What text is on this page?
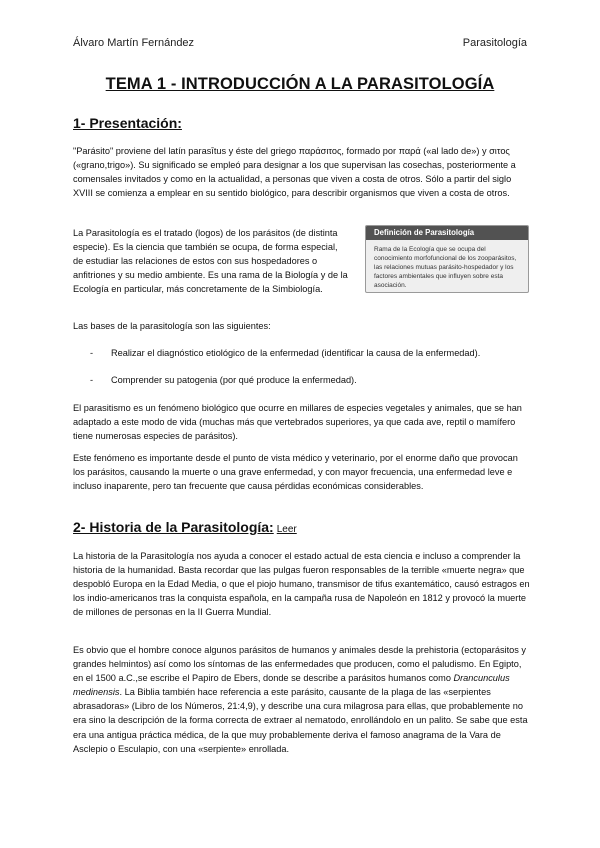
Álvaro Martín Fernández	Parasitología
TEMA 1 - INTRODUCCIÓN A LA PARASITOLOGÍA
1- Presentación:

"Parásito" proviene del latín parasītus y éste del griego παράσιτος, formado por παρά («al lado de») y σιτος («grano,trigo»). Su significado se empleó para designar a los que supervisan las cosechas, posteriormente a comensales invitados y como en la actualidad, a personas que viven a costa de otros. Sólo a partir del siglo XVIII se comienza a emplear en su sentido biológico, para describir organismos que viven a costa de otros.

La Parasitología es el tratado (logos) de los parásitos (de distinta especie). Es la ciencia que también se ocupa, de forma especial, de estudiar las relaciones de estos con sus hospedadores o anfitriones y su medio ambiente. Es una rama de la Biología y de la Ecología en particular, más concretamente de la Simbiología.

Definición de Parasitología
Rama de la Ecología que se ocupa del conocimiento morfofuncional de los zooparásitos, las relaciones mutuas parásito-hospedador y los factores ambientales que influyen sobre esta asociación.

Las bases de la parasitología son las siguientes:

- Realizar el diagnóstico etiológico de la enfermedad (identificar la causa de la enfermedad).
- Comprender su patogenia (por qué produce la enfermedad).

El parasitismo es un fenómeno biológico que ocurre en millares de especies vegetales y animales, que se han adaptado a este modo de vida (muchas más que vertebrados superiores, ya que cada ave, reptil o mamífero tiene numerosas especies de parásitos).

Este fenómeno es importante desde el punto de vista médico y veterinario, por el enorme daño que provocan los parásitos, causando la muerte o una grave enfermedad, y con mayor frecuencia, una enfermedad leve e incluso inaparente, pero tan frecuente que causa pérdidas económicas considerables.

2- Historia de la Parasitología: Leer

La historia de la Parasitología nos ayuda a conocer el estado actual de esta ciencia e incluso a comprender la historia de la humanidad. Basta recordar que las pulgas fueron responsables de la terrible «muerte negra» que despobló Europa en la Edad Media, o que el piojo humano, transmisor de tifus exantemático, causó estragos en los indio-americanos tras la conquista española, en la campaña rusa de Napoleón en 1812 y provocó la muerte de millones de personas en la II Guerra Mundial.

Es obvio que el hombre conoce algunos parásitos de humanos y animales desde la prehistoria (ectoparásitos y grandes helmintos) así como los síntomas de las enfermedades que producen, como el paludismo. En Egipto, en el 1500 a.C.,se escribe el Papiro de Ebers, donde se describe a parásitos humanos como Drancunculus medinensis. La Biblia también hace referencia a este parásito, causante de la plaga de las «serpientes abrasadoras» (Libro de los Números, 21:4,9), y describe una cura milagrosa para ellas, que probablemente no era sino la descripción de la forma correcta de extraer al nematodo, enrollándolo en un palito. Se sabe que esta era una antigua práctica médica, de la que muy probablemente deriva el famoso anagrama de la Vara de Asclepio o Esculapio, con una «serpiente» enrollada.
